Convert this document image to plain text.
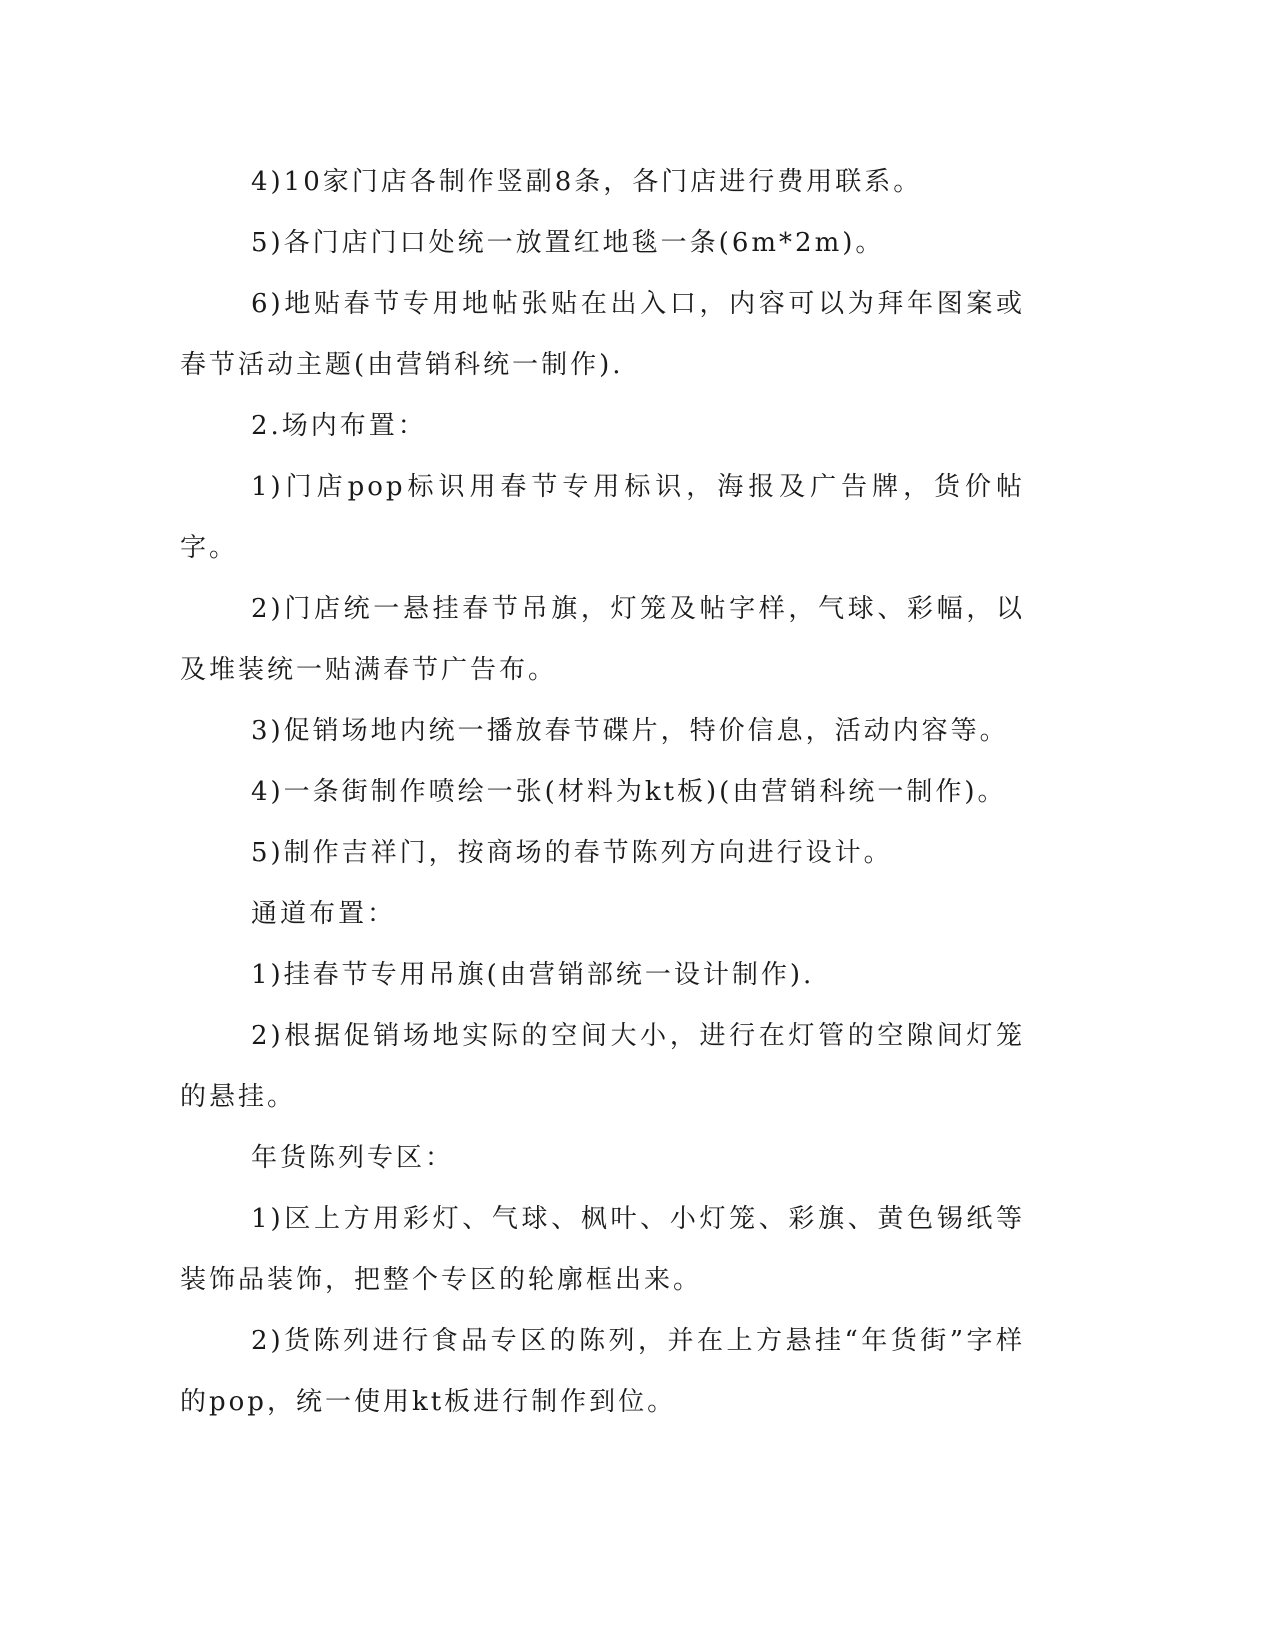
4)10家门店各制作竖副8条，各门店进行费用联系。

5)各门店门口处统一放置红地毯一条(6m*2m)。

6)地贴春节专用地帖张贴在出入口，内容可以为拜年图案或春节活动主题(由营销科统一制作).

2.场内布置：

1)门店pop标识用春节专用标识，海报及广告牌，货价帖字。

2)门店统一悬挂春节吊旗，灯笼及帖字样，气球、彩幅，以及堆装统一贴满春节广告布。

3)促销场地内统一播放春节碟片，特价信息，活动内容等。

4)一条街制作喷绘一张(材料为kt板)(由营销科统一制作)。

5)制作吉祥门，按商场的春节陈列方向进行设计。

通道布置：

1)挂春节专用吊旗(由营销部统一设计制作).

2)根据促销场地实际的空间大小，进行在灯管的空隙间灯笼的悬挂。

年货陈列专区：

1)区上方用彩灯、气球、枫叶、小灯笼、彩旗、黄色锡纸等装饰品装饰，把整个专区的轮廓框出来。

2)货陈列进行食品专区的陈列，并在上方悬挂“年货街”字样的pop，统一使用kt板进行制作到位。
